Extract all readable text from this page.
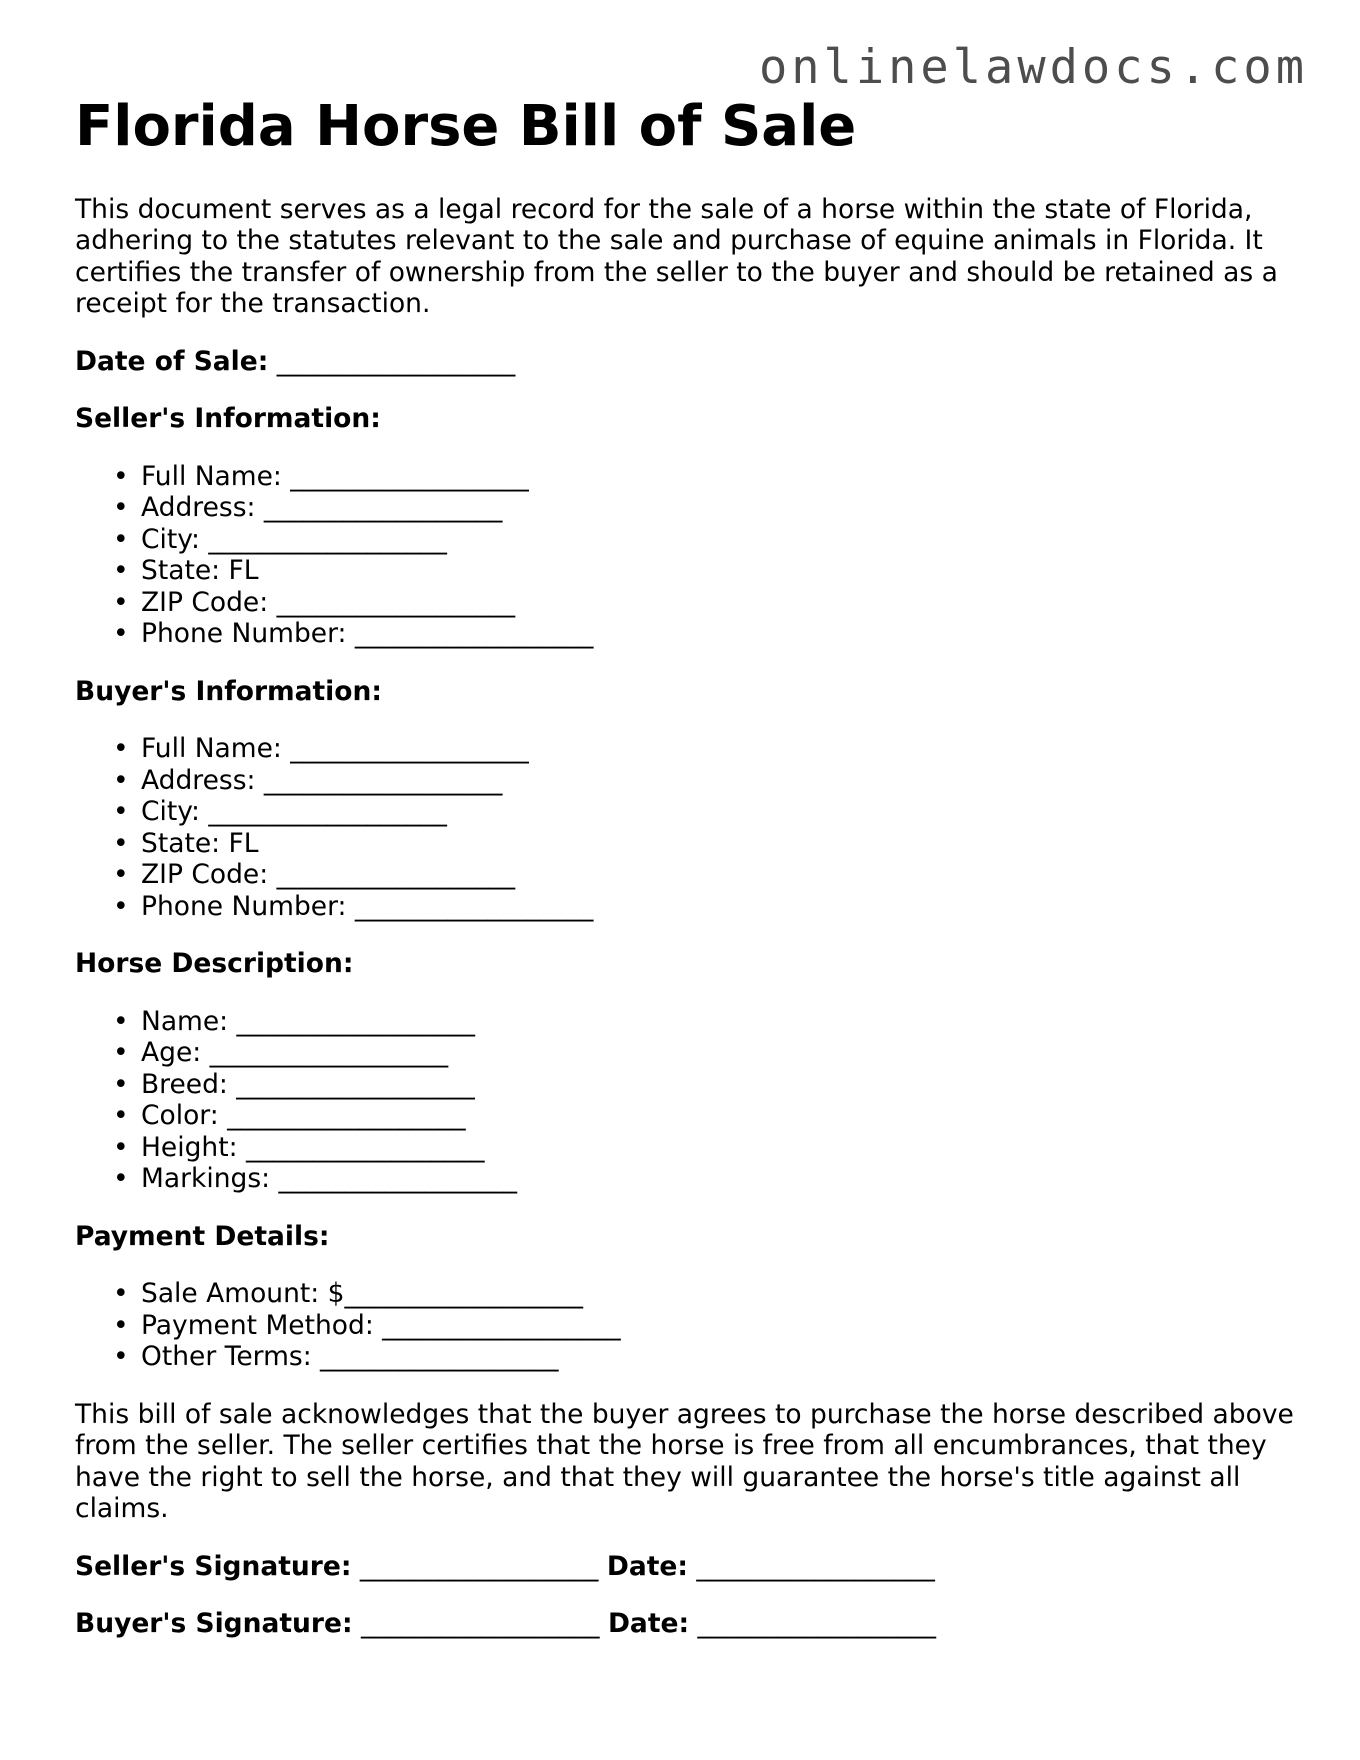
onlinelawdocs.com
Florida Horse Bill of Sale

This document serves as a legal record for the sale of a horse within the state of Florida, adhering to the statutes relevant to the sale and purchase of equine animals in Florida. It certifies the transfer of ownership from the seller to the buyer and should be retained as a receipt for the transaction.

Date of Sale: __________________

Seller's Information:

• Full Name: __________________
• Address: __________________
• City: __________________
• State: FL
• ZIP Code: __________________
• Phone Number: __________________

Buyer's Information:

• Full Name: __________________
• Address: __________________
• City: __________________
• State: FL
• ZIP Code: __________________
• Phone Number: __________________

Horse Description:

• Name: __________________
• Age: __________________
• Breed: __________________
• Color: __________________
• Height: __________________
• Markings: __________________

Payment Details:

• Sale Amount: $__________________
• Payment Method: __________________
• Other Terms: __________________

This bill of sale acknowledges that the buyer agrees to purchase the horse described above from the seller. The seller certifies that the horse is free from all encumbrances, that they have the right to sell the horse, and that they will guarantee the horse's title against all claims.

Seller's Signature: __________________ Date: __________________

Buyer's Signature: __________________ Date: __________________
